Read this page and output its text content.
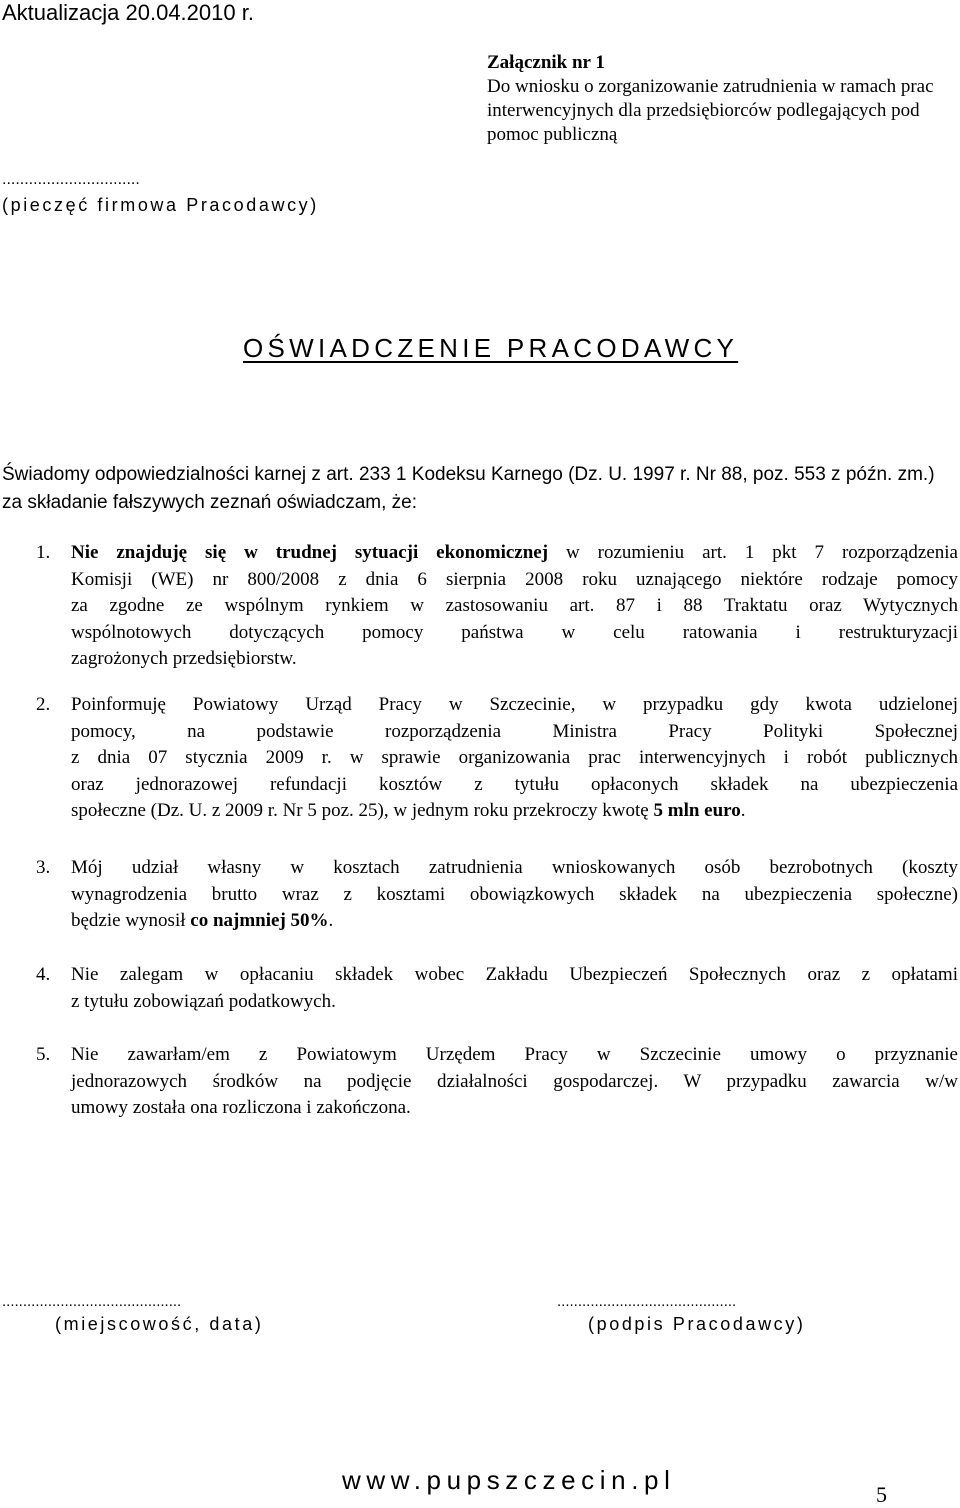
Aktualizacja 20.04.2010 r.
Załącznik nr 1
Do wniosku o zorganizowanie zatrudnienia w ramach prac
interwencyjnych dla przedsiębiorców podlegających pod
pomoc publiczną
...............................
(pieczęć firmowa Pracodawcy)
OŚWIADCZENIE PRACODAWCY
Świadomy odpowiedzialności karnej z art. 233 1 Kodeksu Karnego (Dz. U. 1997 r. Nr 88, poz. 553 z późn. zm.) za składanie fałszywych zeznań oświadczam, że:
1. Nie znajduję się w trudnej sytuacji ekonomicznej w rozumieniu art. 1 pkt 7 rozporządzenia
Komisji (WE) nr 800/2008 z dnia 6 sierpnia 2008 roku uznającego niektóre rodzaje pomocy
za zgodne ze wspólnym rynkiem w zastosowaniu art. 87 i 88 Traktatu oraz Wytycznych
wspólnotowych dotyczących pomocy państwa w celu ratowania i restrukturyzacji
zagrożonych przedsiębiorstw.
2. Poinformuję Powiatowy Urząd Pracy w Szczecinie, w przypadku gdy kwota udzielonej
pomocy, na podstawie rozporządzenia Ministra Pracy Polityki Społecznej
z dnia 07 stycznia 2009 r. w sprawie organizowania prac interwencyjnych i robót publicznych
oraz jednorazowej refundacji kosztów z tytułu opłaconych składek na ubezpieczenia
społeczne (Dz. U. z 2009 r. Nr 5 poz. 25), w jednym roku przekroczy kwotę 5 mln euro.
3. Mój udział własny w kosztach zatrudnienia wnioskowanych osób bezrobotnych (koszty
wynagrodzenia brutto wraz z kosztami obowiązkowych składek na ubezpieczenia społeczne)
będzie wynosił co najmniej 50%.
4. Nie zalegam w opłacaniu składek wobec Zakładu Ubezpieczeń Społecznych oraz z opłatami
z tytułu zobowiązań podatkowych.
5. Nie zawarłam/em z Powiatowym Urzędem Pracy w Szczecinie umowy o przyznanie
jednorazowych środków na podjęcie działalności gospodarczej. W przypadku zawarcia w/w
umowy została ona rozliczona i zakończona.
...........................................
(miejscowość, data)
...........................................
(podpis Pracodawcy)
www.pupszczecin.pl	5
